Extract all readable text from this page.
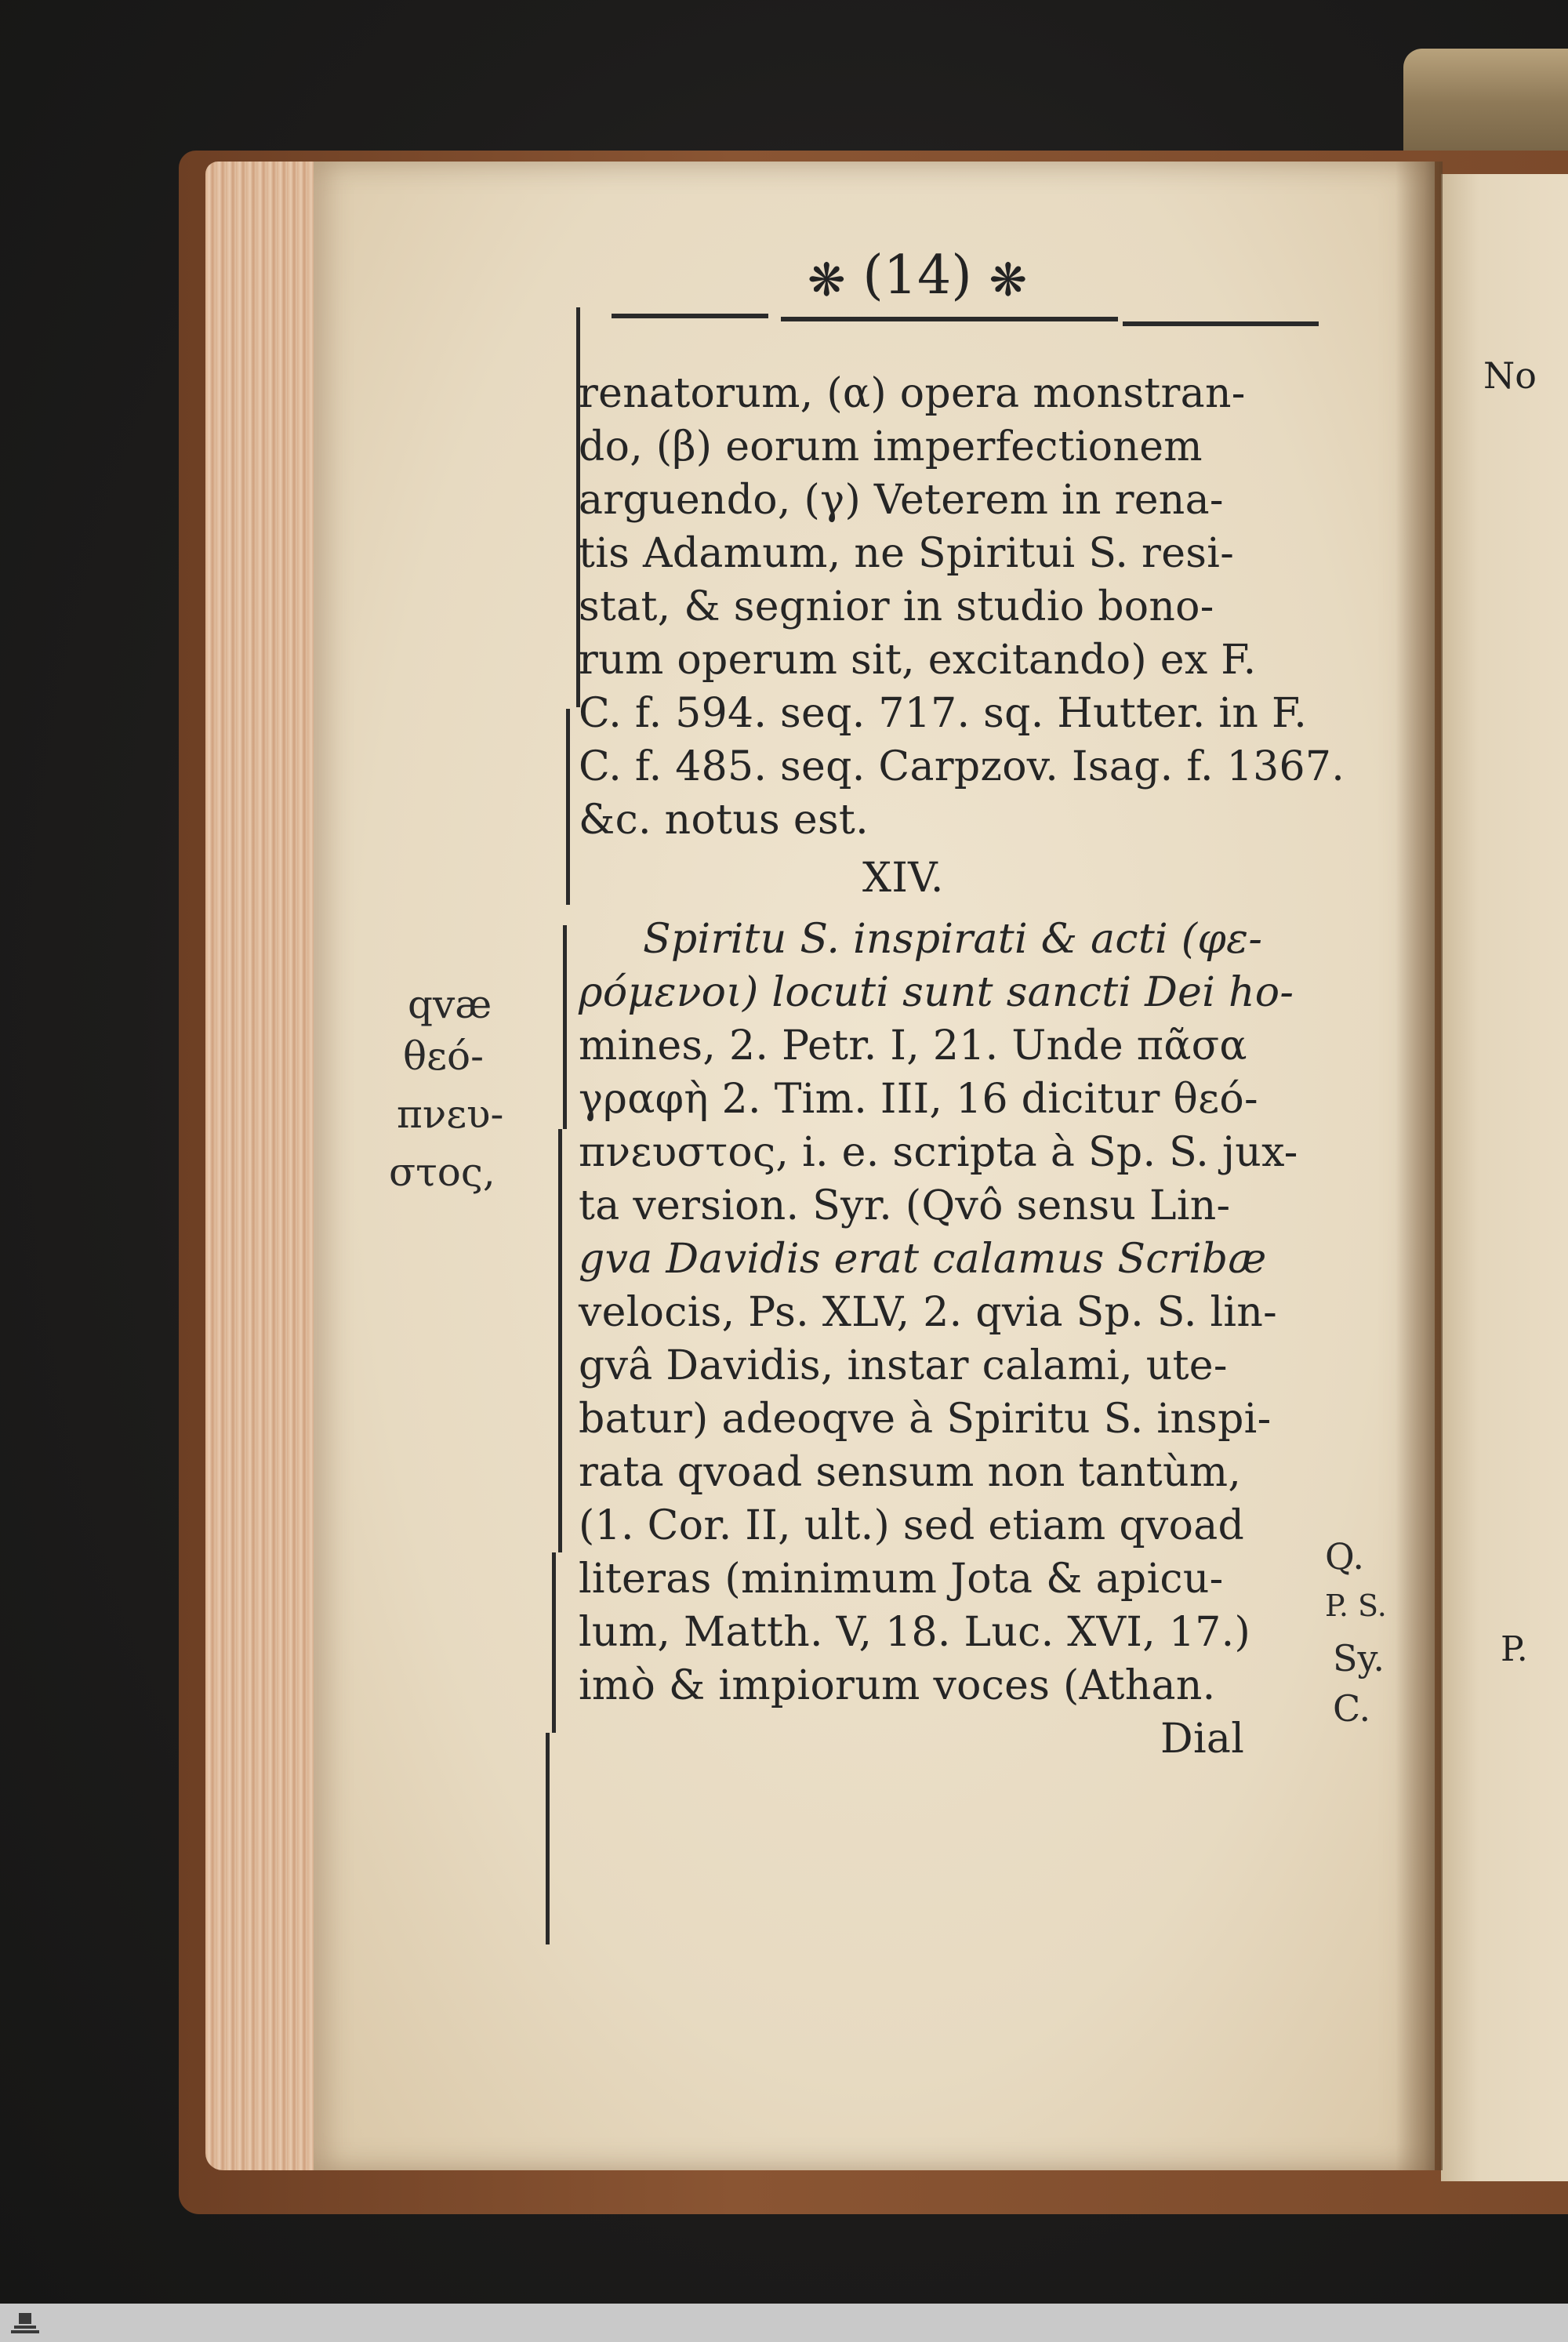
❋ (14) ❋
renatorum, (α) opera monstran-
do, (β) eorum imperfectionem
arguendo, (γ) Veterem in rena-
tis Adamum, ne Spiritui S. resi-
stat, & segnior in studio bono-
rum operum sit, excitando) ex F.
C. f. 594. seq. 717. sq. Hutter. in F.
C. f. 485. seq. Carpzov. Isag. f. 1367.
&c. notus est.
XIV.
Spiritu S. inspirati & acti (φε-
ρόμενοι) locuti sunt sancti Dei ho-
mines, 2. Petr. I, 21. Unde πᾶσα
γραφὴ 2. Tim. III, 16 dicitur θεό-
πνευστος, i. e. scripta à Sp. S. jux-
ta version. Syr. (Qvô sensu Lin-
gva Davidis erat calamus Scribæ
velocis, Ps. XLV, 2. qvia Sp. S. lin-
gvâ Davidis, instar calami, ute-
batur) adeoqve à Spiritu S. inspi-
rata qvoad sensum non tantùm,
(1. Cor. II, ult.) sed etiam qvoad
literas (minimum Jota & apicu-
lum, Matth. V, 18. Luc. XVI, 17.)
imò & impiorum voces (Athan.
Dial
qvæ
θεό-
πνευ-
στος,
Q.
P. S.
Sy.
C.
No
P.
